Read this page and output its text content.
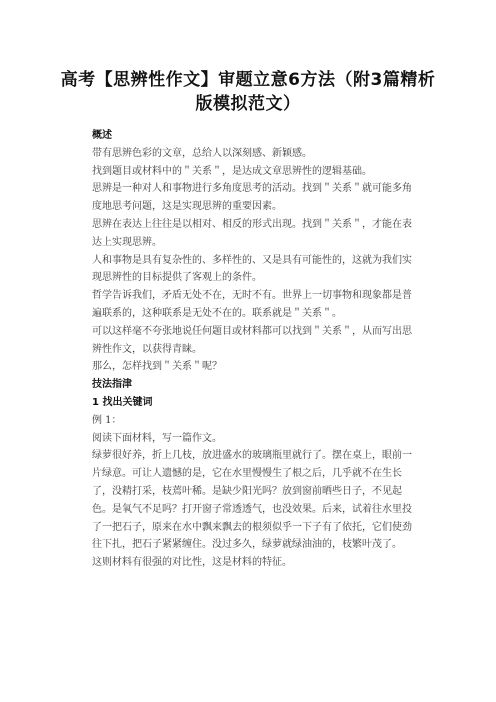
高考【思辨性作文】审题立意6方法（附3篇精析版模拟范文）

概述

带有思辨色彩的文章，总给人以深刻感、新颖感。

找到题目或材料中的＂关系＂，是达成文章思辨性的逻辑基础。

思辨是一种对人和事物进行多角度思考的活动。找到＂关系＂就可能多角度地思考问题，这是实现思辨的重要因素。

思辨在表达上往往是以相对、相反的形式出现。找到＂关系＂，才能在表达上实现思辨。

人和事物是具有复杂性的、多样性的、又是具有可能性的，这就为我们实现思辨性的目标提供了客观上的条件。

哲学告诉我们，矛盾无处不在，无时不有。世界上一切事物和现象都是普遍联系的，这种联系是无处不在的。联系就是＂关系＂。

可以这样毫不夸张地说任何题目或材料都可以找到＂关系＂，从而写出思辨性作文，以获得青睐。

那么，怎样找到＂关系＂呢？

技法指津

1 找出关键词

例 1：

阅读下面材料，写一篇作文。

绿萝很好养，折上几枝，放进盛水的玻璃瓶里就行了。摆在桌上，眼前一片绿意。可让人遗憾的是，它在水里慢慢生了根之后，几乎就不在生长了，没精打采，枝蔫叶稀。是缺少阳光吗？放到窗前晒些日子，不见起色。是氧气不足吗？打开窗子常透透气，也没效果。后来，试着往水里投了一把石子，原来在水中飘来飘去的根须似乎一下子有了依托，它们使劲往下扎，把石子紧紧缠住。没过多久，绿萝就绿油油的，枝繁叶茂了。

这则材料有很强的对比性，这是材料的特征。
